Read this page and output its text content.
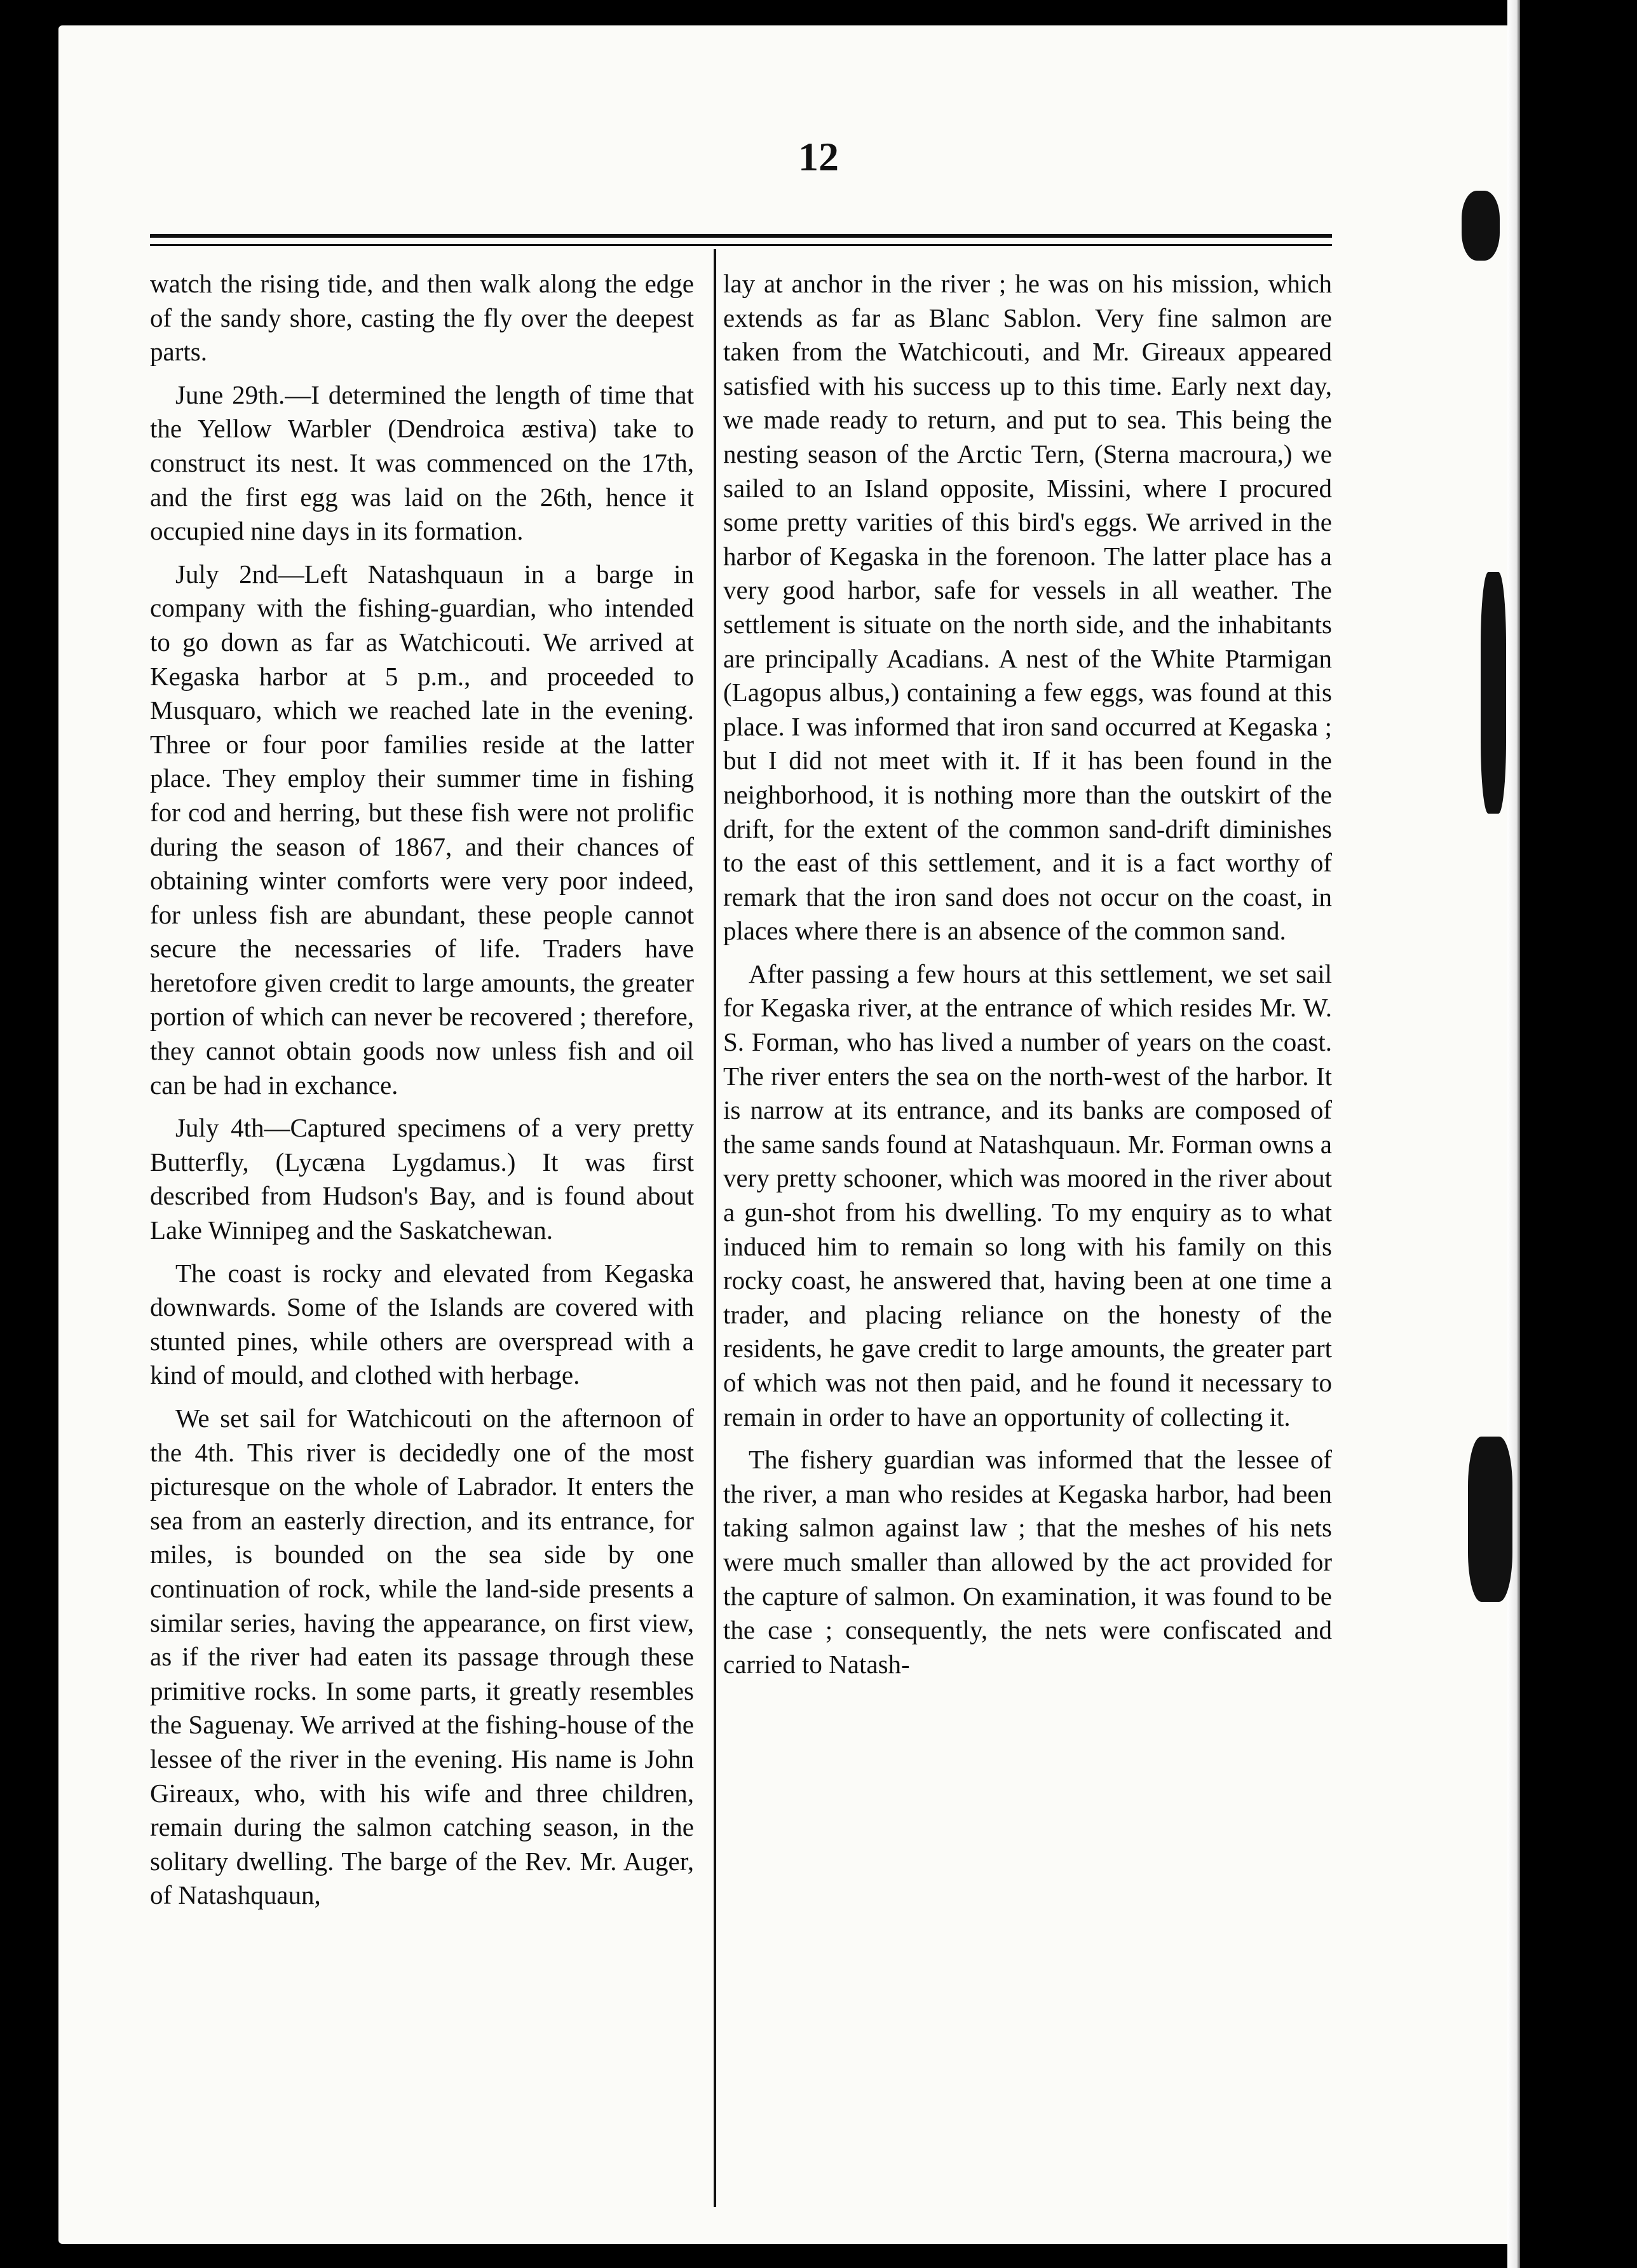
12

watch the rising tide, and then walk along the edge of the sandy shore, casting the fly over the deepest parts.

June 29th.—I determined the length of time that the Yellow Warbler (Dendroica æstiva) take to construct its nest. It was commenced on the 17th, and the first egg was laid on the 26th, hence it occupied nine days in its formation.

July 2nd—Left Natashquaun in a barge in company with the fishing-guardian, who intended to go down as far as Watchicouti. We arrived at Kegaska harbor at 5 p.m., and proceeded to Musquaro, which we reached late in the evening. Three or four poor families reside at the latter place. They employ their summer time in fishing for cod and herring, but these fish were not prolific during the season of 1867, and their chances of obtaining winter comforts were very poor indeed, for unless fish are abundant, these people cannot secure the necessaries of life. Traders have heretofore given credit to large amounts, the greater portion of which can never be recovered ; therefore, they cannot obtain goods now unless fish and oil can be had in exchance.

July 4th—Captured specimens of a very pretty Butterfly, (Lycæna Lygdamus.) It was first described from Hudson's Bay, and is found about Lake Winnipeg and the Saskatchewan.

The coast is rocky and elevated from Kegaska downwards. Some of the Islands are covered with stunted pines, while others are overspread with a kind of mould, and clothed with herbage.

We set sail for Watchicouti on the afternoon of the 4th. This river is decidedly one of the most picturesque on the whole of Labrador. It enters the sea from an easterly direction, and its entrance, for miles, is bounded on the sea side by one continuation of rock, while the land-side presents a similar series, having the appearance, on first view, as if the river had eaten its passage through these primitive rocks. In some parts, it greatly resembles the Saguenay. We arrived at the fishing-house of the lessee of the river in the evening. His name is John Gireaux, who, with his wife and three children, remain during the salmon catching season, in the solitary dwelling. The barge of the Rev. Mr. Auger, of Natashquaun,

lay at anchor in the river ; he was on his mission, which extends as far as Blanc Sablon. Very fine salmon are taken from the Watchicouti, and Mr. Gireaux appeared satisfied with his success up to this time. Early next day, we made ready to return, and put to sea. This being the nesting season of the Arctic Tern, (Sterna macroura,) we sailed to an Island opposite, Missini, where I procured some pretty varities of this bird's eggs. We arrived in the harbor of Kegaska in the forenoon. The latter place has a very good harbor, safe for vessels in all weather. The settlement is situate on the north side, and the inhabitants are principally Acadians. A nest of the White Ptarmigan (Lagopus albus,) containing a few eggs, was found at this place. I was informed that iron sand occurred at Kegaska ; but I did not meet with it. If it has been found in the neighborhood, it is nothing more than the outskirt of the drift, for the extent of the common sand-drift diminishes to the east of this settlement, and it is a fact worthy of remark that the iron sand does not occur on the coast, in places where there is an absence of the common sand.

After passing a few hours at this settlement, we set sail for Kegaska river, at the entrance of which resides Mr. W. S. Forman, who has lived a number of years on the coast. The river enters the sea on the north-west of the harbor. It is narrow at its entrance, and its banks are composed of the same sands found at Natashquaun. Mr. Forman owns a very pretty schooner, which was moored in the river about a gun-shot from his dwelling. To my enquiry as to what induced him to remain so long with his family on this rocky coast, he answered that, having been at one time a trader, and placing reliance on the honesty of the residents, he gave credit to large amounts, the greater part of which was not then paid, and he found it necessary to remain in order to have an opportunity of collecting it.

The fishery guardian was informed that the lessee of the river, a man who resides at Kegaska harbor, had been taking salmon against law ; that the meshes of his nets were much smaller than allowed by the act provided for the capture of salmon. On examination, it was found to be the case ; consequently, the nets were confiscated and carried to Natash-
